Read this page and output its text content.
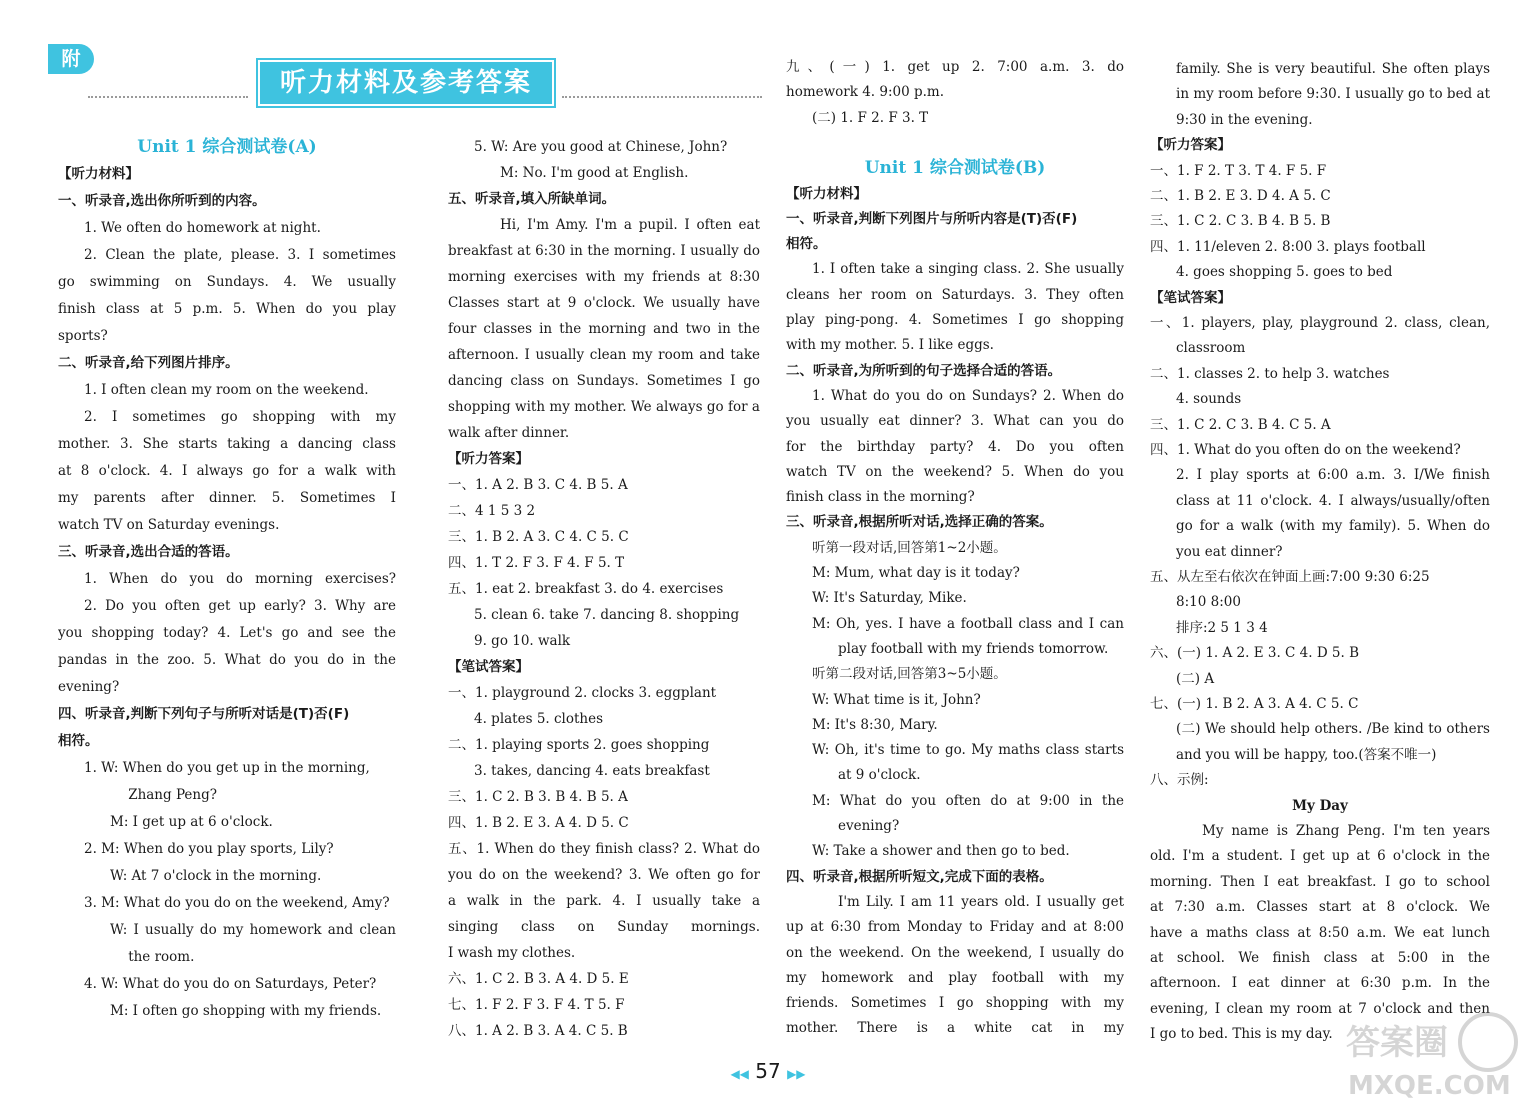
附
听力材料及参考答案
Unit 1 综合测试卷(A)
【听力材料】
一、听录音,选出你所听到的内容。
1. We often do homework at night.
2. Clean the plate, please. 3. I sometimes
go swimming on Sundays. 4. We usually
finish class at 5 p.m. 5. When do you play
sports?
二、听录音,给下列图片排序。
1. I often clean my room on the weekend.
2. I sometimes go shopping with my
mother. 3. She starts taking a dancing class
at 8 o'clock. 4. I always go for a walk with
my parents after dinner. 5. Sometimes I
watch TV on Saturday evenings.
三、听录音,选出合适的答语。
1. When do you do morning exercises?
2. Do you often get up early? 3. Why are
you shopping today? 4. Let's go and see the
pandas in the zoo. 5. What do you do in the
evening?
四、听录音,判断下列句子与所听对话是(T)否(F)
相符。
1. W: When do you get up in the morning,
Zhang Peng?
M: I get up at 6 o'clock.
2. M: When do you play sports, Lily?
W: At 7 o'clock in the morning.
3. M: What do you do on the weekend, Amy?
W: I usually do my homework and clean
the room.
4. W: What do you do on Saturdays, Peter?
M: I often go shopping with my friends.
5. W: Are you good at Chinese, John?
M: No. I'm good at English.
五、听录音,填入所缺单词。
Hi, I'm Amy. I'm a pupil. I often eat
breakfast at 6:30 in the morning. I usually do
morning exercises with my friends at 8:30
Classes start at 9 o'clock. We usually have
four classes in the morning and two in the
afternoon. I usually clean my room and take
dancing class on Sundays. Sometimes I go
shopping with my mother. We always go for a
walk after dinner.
【听力答案】
一、1. A 2. B 3. C 4. B 5. A
二、4 1 5 3 2
三、1. B 2. A 3. C 4. C 5. C
四、1. T 2. F 3. F 4. F 5. T
五、1. eat 2. breakfast 3. do 4. exercises
5. clean 6. take 7. dancing 8. shopping
9. go 10. walk
【笔试答案】
一、1. playground 2. clocks 3. eggplant
4. plates 5. clothes
二、1. playing sports 2. goes shopping
3. takes, dancing 4. eats breakfast
三、1. C 2. B 3. B 4. B 5. A
四、1. B 2. E 3. A 4. D 5. C
五、1. When do they finish class? 2. What do
you do on the weekend? 3. We often go for
a walk in the park. 4. I usually take a
singing class on Sunday mornings.
I wash my clothes.
六、1. C 2. B 3. A 4. D 5. E
七、1. F 2. F 3. F 4. T 5. F
八、1. A 2. B 3. A 4. C 5. B
九、(一) 1. get up 2. 7:00 a.m. 3. do
homework 4. 9:00 p.m.
(二) 1. F 2. F 3. T
Unit 1 综合测试卷(B)
【听力材料】
一、听录音,判断下列图片与所听内容是(T)否(F)
相符。
1. I often take a singing class. 2. She usually
cleans her room on Saturdays. 3. They often
play ping-pong. 4. Sometimes I go shopping
with my mother. 5. I like eggs.
二、听录音,为所听到的句子选择合适的答语。
1. What do you do on Sundays? 2. When do
you usually eat dinner? 3. What can you do
for the birthday party? 4. Do you often
watch TV on the weekend? 5. When do you
finish class in the morning?
三、听录音,根据所听对话,选择正确的答案。
听第一段对话,回答第1~2小题。
M: Mum, what day is it today?
W: It's Saturday, Mike.
M: Oh, yes. I have a football class and I can
play football with my friends tomorrow.
听第二段对话,回答第3~5小题。
W: What time is it, John?
M: It's 8:30, Mary.
W: Oh, it's time to go. My maths class starts
at 9 o'clock.
M: What do you often do at 9:00 in the
evening?
W: Take a shower and then go to bed.
四、听录音,根据所听短文,完成下面的表格。
I'm Lily. I am 11 years old. I usually get
up at 6:30 from Monday to Friday and at 8:00
on the weekend. On the weekend, I usually do
my homework and play football with my
friends. Sometimes I go shopping with my
mother. There is a white cat in my
family. She is very beautiful. She often plays
in my room before 9:30. I usually go to bed at
9:30 in the evening.
【听力答案】
一、1. F 2. T 3. T 4. F 5. F
二、1. B 2. E 3. D 4. A 5. C
三、1. C 2. C 3. B 4. B 5. B
四、1. 11/eleven 2. 8:00 3. plays football
4. goes shopping 5. goes to bed
【笔试答案】
一、1. players, play, playground 2. class, clean,
classroom
二、1. classes 2. to help 3. watches
4. sounds
三、1. C 2. C 3. B 4. C 5. A
四、1. What do you often do on the weekend?
2. I play sports at 6:00 a.m. 3. I/We finish
class at 11 o'clock. 4. I always/usually/often
go for a walk (with my family). 5. When do
you eat dinner?
五、从左至右依次在钟面上画:7:00 9:30 6:25
8:10 8:00
排序:2 5 1 3 4
六、(一) 1. A 2. E 3. C 4. D 5. B
(二) A
七、(一) 1. B 2. A 3. A 4. C 5. C
(二) We should help others. /Be kind to others
and you will be happy, too.(答案不唯一)
八、示例:
My Day
My name is Zhang Peng. I'm ten years
old. I'm a student. I get up at 6 o'clock in the
morning. Then I eat breakfast. I go to school
at 7:30 a.m. Classes start at 8 o'clock. We
have a maths class at 8:50 a.m. We eat lunch
at school. We finish class at 5:00 in the
afternoon. I eat dinner at 6:30 p.m. In the
evening, I clean my room at 7 o'clock and then
I go to bed. This is my day.
◀◀ 57 ▶▶
答案圈
MXQE.COM
